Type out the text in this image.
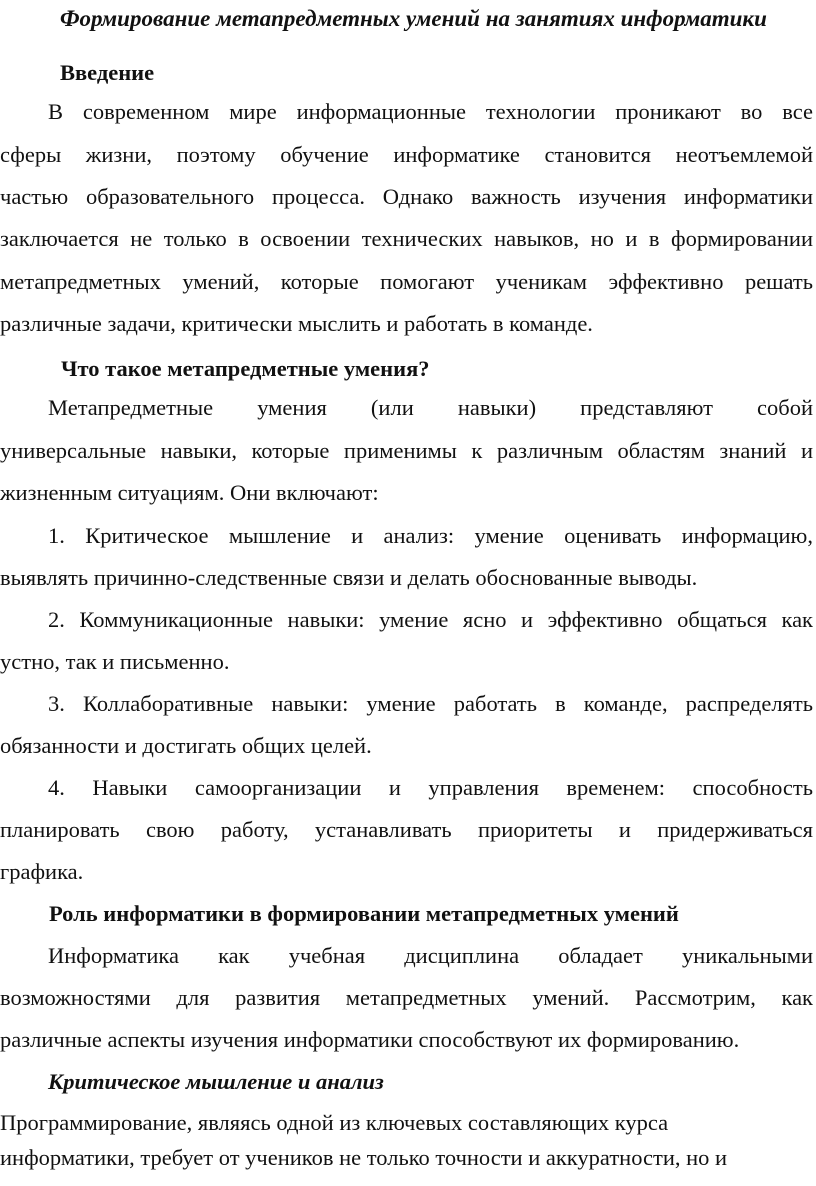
Формирование метапредметных умений на занятиях информатики
Введение
В современном мире информационные технологии проникают во все
сферы жизни, поэтому обучение информатике становится неотъемлемой
частью образовательного процесса. Однако важность изучения информатики
заключается не только в освоении технических навыков, но и в формировании
метапредметных умений, которые помогают ученикам эффективно решать
различные задачи, критически мыслить и работать в команде.
Что такое метапредметные умения?
Метапредметные умения (или навыки) представляют собой
универсальные навыки, которые применимы к различным областям знаний и
жизненным ситуациям. Они включают:
1. Критическое мышление и анализ: умение оценивать информацию,
выявлять причинно-следственные связи и делать обоснованные выводы.
2. Коммуникационные навыки: умение ясно и эффективно общаться как
устно, так и письменно.
3. Коллаборативные навыки: умение работать в команде, распределять
обязанности и достигать общих целей.
4. Навыки самоорганизации и управления временем: способность
планировать свою работу, устанавливать приоритеты и придерживаться
графика.
Роль информатики в формировании метапредметных умений
Информатика как учебная дисциплина обладает уникальными
возможностями для развития метапредметных умений. Рассмотрим, как
различные аспекты изучения информатики способствуют их формированию.
Критическое мышление и анализ
Программирование, являясь одной из ключевых составляющих курса
информатики, требует от учеников не только точности и аккуратности, но и
